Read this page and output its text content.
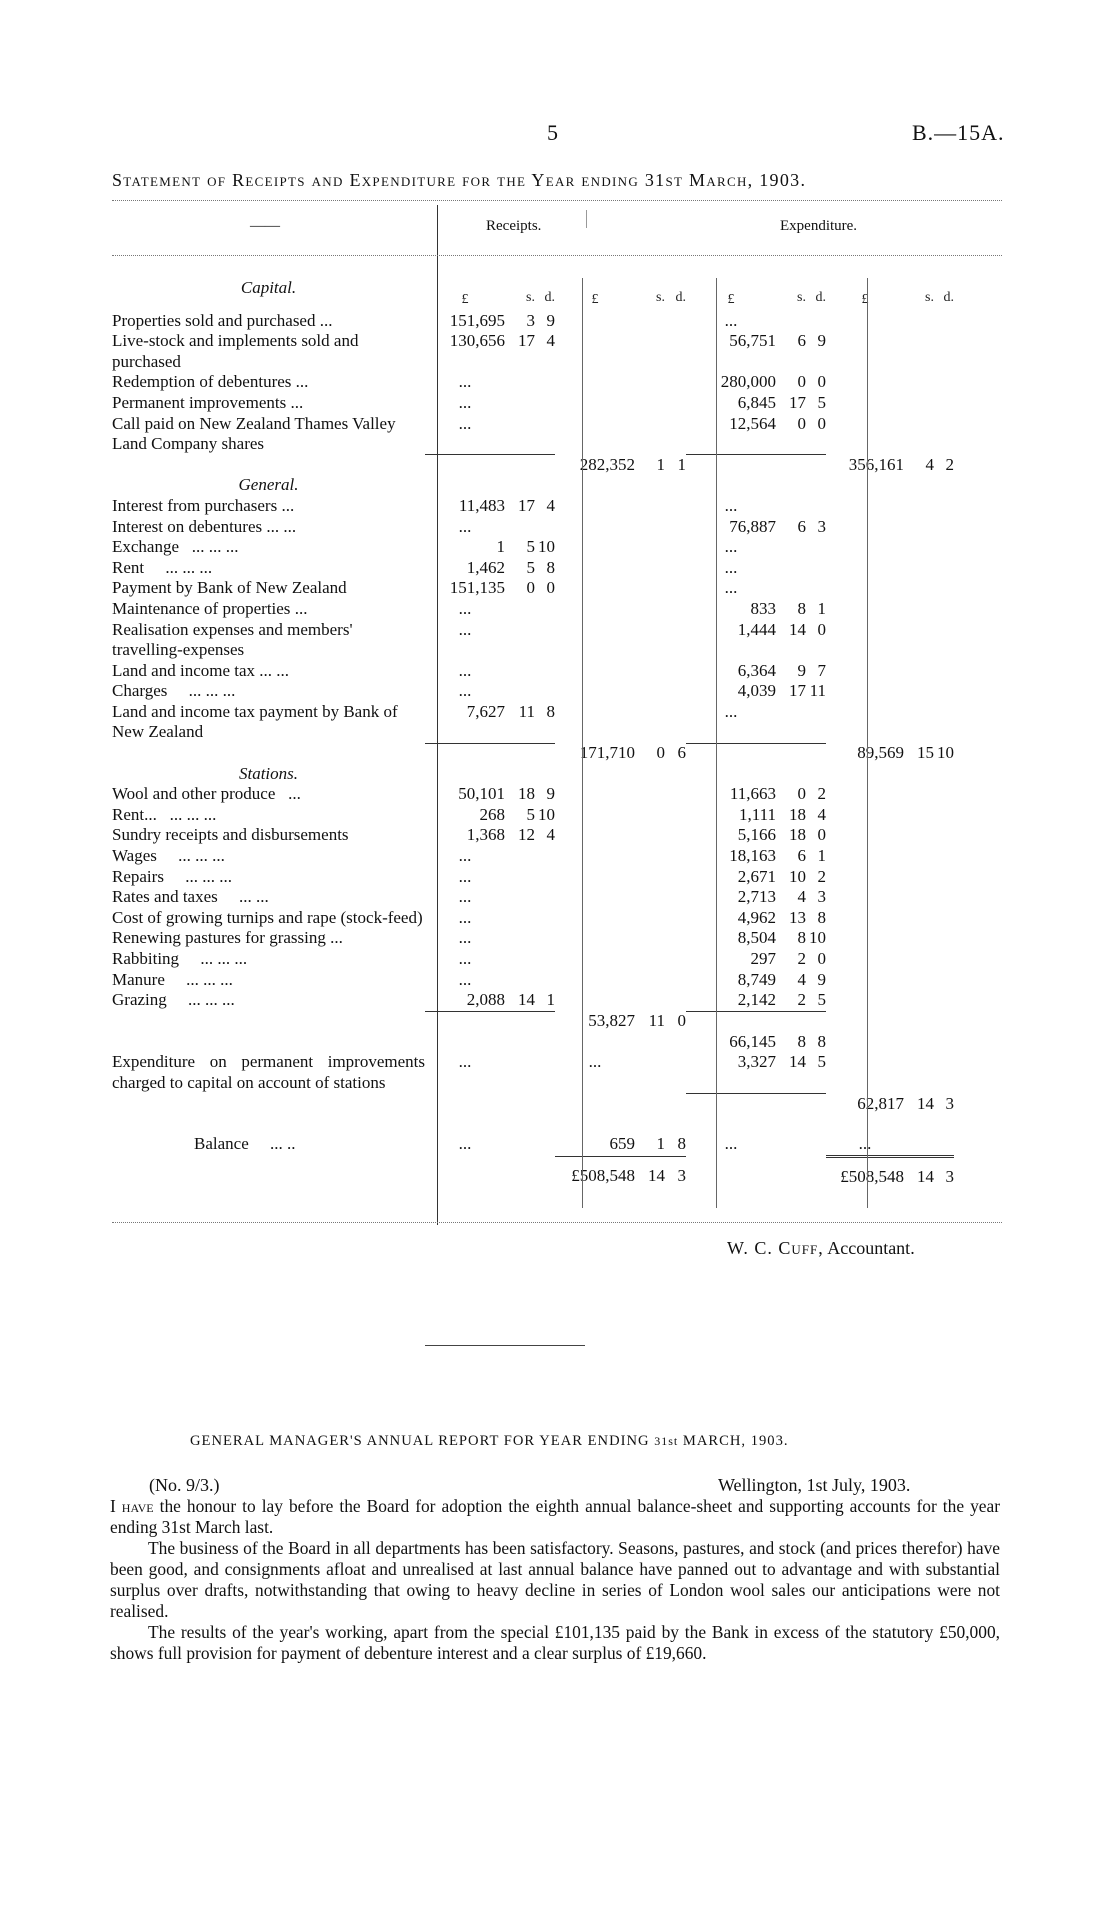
5	B.—15A.
Statement of Receipts and Expenditure for the Year ending 31st March, 1903.
——	Receipts.	Expenditure.
Capital.	£	s.	d.	£	s.	d.	£	s.	d.	£	s.	d.
Properties sold and purchased ...	151,695	3	9				...					
Live-stock and implements sold and purchased	130,656	17	4				56,751	6	9			
Redemption of debentures ...	...						280,000	0	0			
Permanent improvements ...	...						6,845	17	5			
Call paid on New Zealand Thames Valley Land Company shares	...						12,564	0	0			
				282,352	1	1				356,161	4	2
General.												
Interest from purchasers ...	11,483	17	4				...					
Interest on debentures ... ...	...						76,887	6	3			
Exchange ... ... ...	1	5	10				...					
Rent ... ... ...	1,462	5	8				...					
Payment by Bank of New Zealand	151,135	0	0				...					
Maintenance of properties ...	...						833	8	1			
Realisation expenses and members' travelling-expenses	...						1,444	14	0			
Land and income tax ... ...	...						6,364	9	7			
Charges ... ... ...	...						4,039	17	11			
Land and income tax payment by Bank of New Zealand	7,627	11	8				...					
				171,710	0	6				89,569	15	10
Stations.												
Wool and other produce ...	50,101	18	9				11,663	0	2			
Rent... ... ... ...	268	5	10				1,111	18	4			
Sundry receipts and disbursements	1,368	12	4				5,166	18	0			
Wages ... ... ...	...						18,163	6	1			
Repairs ... ... ...	...						2,671	10	2			
Rates and taxes ... ...	...						2,713	4	3			
Cost of growing turnips and rape (stock-feed)	...						4,962	13	8			
Renewing pastures for grassing ...	...						8,504	8	10			
Rabbiting ... ... ...	...						297	2	0			
Manure ... ... ...	...						8,749	4	9			
Grazing ... ... ...	2,088	14	1				2,142	2	5			
				53,827	11	0						
							66,145	8	8			
Expenditure on permanent improvements charged to capital on account of stations	...			...			3,327	14	5			
										62,817	14	3
Balance ... ..	...			659	1	8	...			...		
				£508,548	14	3				£508,548	14	3
W. C. Cuff, Accountant.
GENERAL MANAGER'S ANNUAL REPORT FOR YEAR ENDING 31st MARCH, 1903.
(No. 9/3.)	Wellington, 1st July, 1903.
I have the honour to lay before the Board for adoption the eighth annual balance-sheet and supporting accounts for the year ending 31st March last.
The business of the Board in all departments has been satisfactory. Seasons, pastures, and stock (and prices therefor) have been good, and consignments afloat and unrealised at last annual balance have panned out to advantage and with substantial surplus over drafts, notwithstanding that owing to heavy decline in series of London wool sales our anticipations were not realised.
The results of the year's working, apart from the special £101,135 paid by the Bank in excess of the statutory £50,000, shows full provision for payment of debenture interest and a clear surplus of £19,660.
